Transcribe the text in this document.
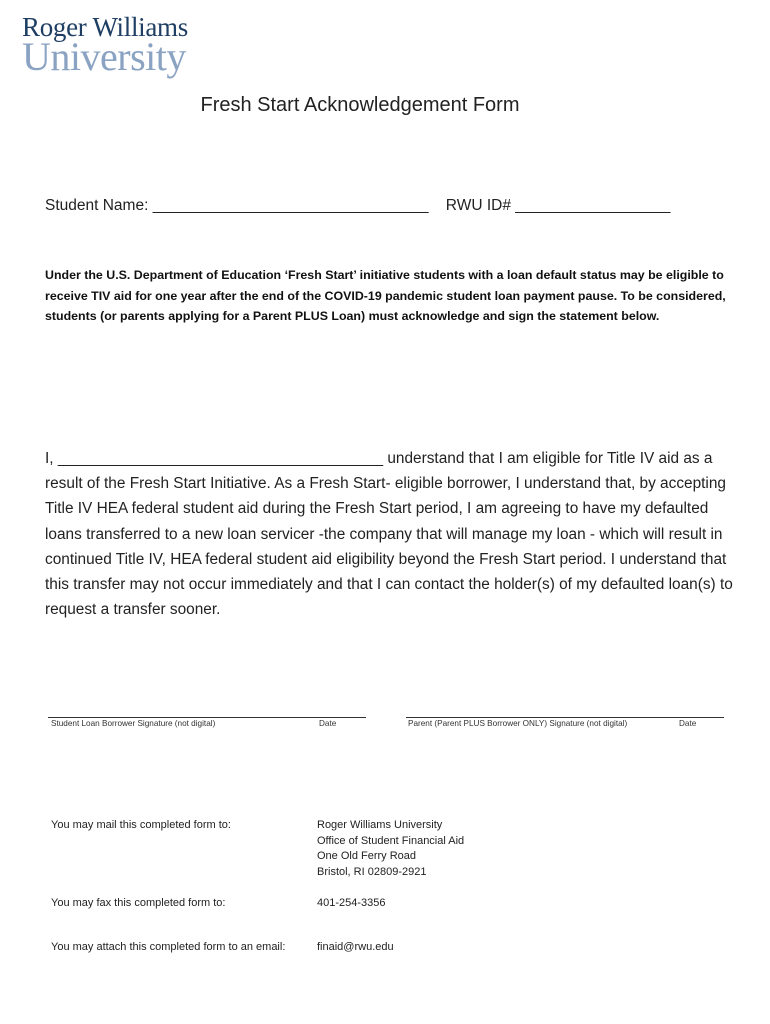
Roger Williams
University
Fresh Start Acknowledgement Form
Student Name: ________________________________    RWU ID# __________________
Under the U.S. Department of Education ‘Fresh Start’ initiative students with a loan default status may be eligible to receive TIV aid for one year after the end of the COVID-19 pandemic student loan payment pause. To be considered, students (or parents applying for a Parent PLUS Loan) must acknowledge and sign the statement below.

I, ______________________________________ understand that I am eligible for Title IV aid as a result of the Fresh Start Initiative. As a Fresh Start- eligible borrower, I understand that, by accepting Title IV HEA federal student aid during the Fresh Start period, I am agreeing to have my defaulted loans transferred to a new loan servicer -the company that will manage my loan - which will result in continued Title IV, HEA federal student aid eligibility beyond the Fresh Start period. I understand that this transfer may not occur immediately and that I can contact the holder(s) of my defaulted loan(s) to request a transfer sooner.

Student Loan Borrower Signature (not digital)	Date	Parent (Parent PLUS Borrower ONLY) Signature (not digital)	Date
You may mail this completed form to:	Roger Williams University
Office of Student Financial Aid
One Old Ferry Road
Bristol, RI 02809-2921
You may fax this completed form to:	401-254-3356
You may attach this completed form to an email:	finaid@rwu.edu
